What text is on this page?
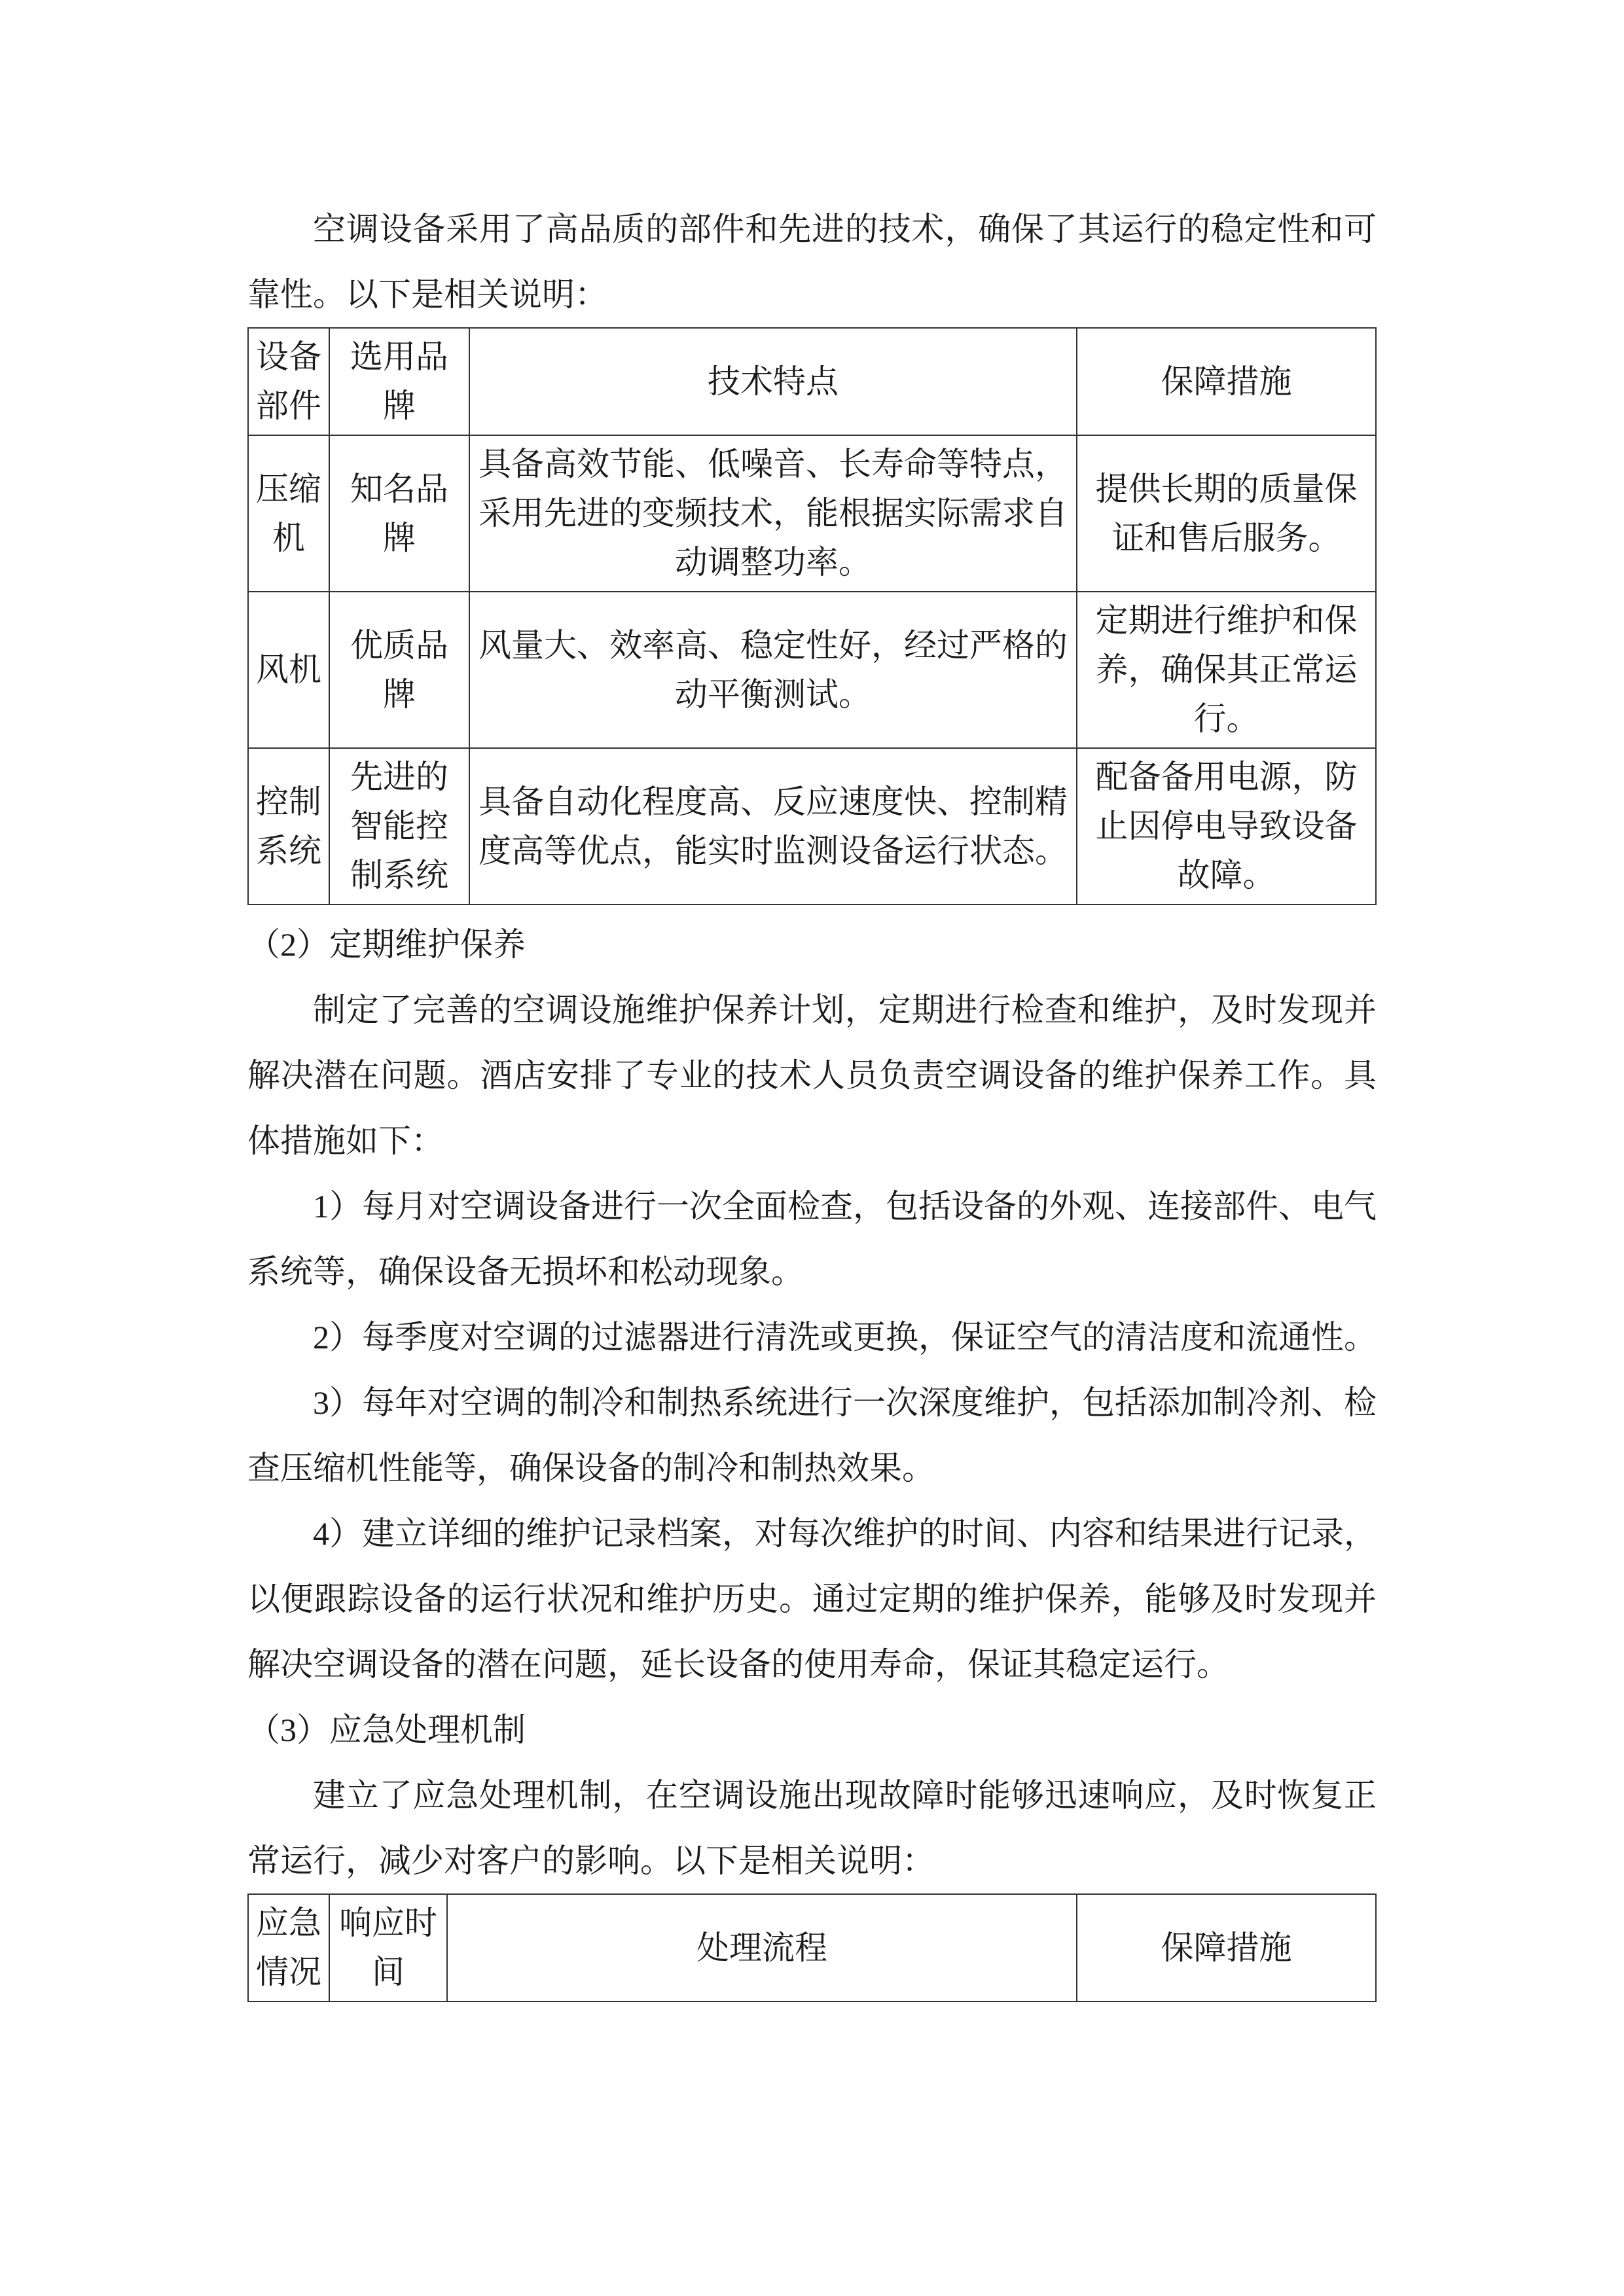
空调设备采用了高品质的部件和先进的技术，确保了其运行的稳定性和可靠性。以下是相关说明：

设备部件	选用品牌	技术特点	保障措施
压缩机	知名品牌	具备高效节能、低噪音、长寿命等特点，采用先进的变频技术，能根据实际需求自动调整功率。	提供长期的质量保证和售后服务。
风机	优质品牌	风量大、效率高、稳定性好，经过严格的动平衡测试。	定期进行维护和保养，确保其正常运行。
控制系统	先进的智能控制系统	具备自动化程度高、反应速度快、控制精度高等优点，能实时监测设备运行状态。	配备备用电源，防止因停电导致设备故障。

（2）定期维护保养

制定了完善的空调设施维护保养计划，定期进行检查和维护，及时发现并解决潜在问题。酒店安排了专业的技术人员负责空调设备的维护保养工作。具体措施如下：

1）每月对空调设备进行一次全面检查，包括设备的外观、连接部件、电气系统等，确保设备无损坏和松动现象。

2）每季度对空调的过滤器进行清洗或更换，保证空气的清洁度和流通性。

3）每年对空调的制冷和制热系统进行一次深度维护，包括添加制冷剂、检查压缩机性能等，确保设备的制冷和制热效果。

4）建立详细的维护记录档案，对每次维护的时间、内容和结果进行记录，以便跟踪设备的运行状况和维护历史。通过定期的维护保养，能够及时发现并解决空调设备的潜在问题，延长设备的使用寿命，保证其稳定运行。

（3）应急处理机制

建立了应急处理机制，在空调设施出现故障时能够迅速响应，及时恢复正常运行，减少对客户的影响。以下是相关说明：

应急情况	响应时间	处理流程	保障措施
